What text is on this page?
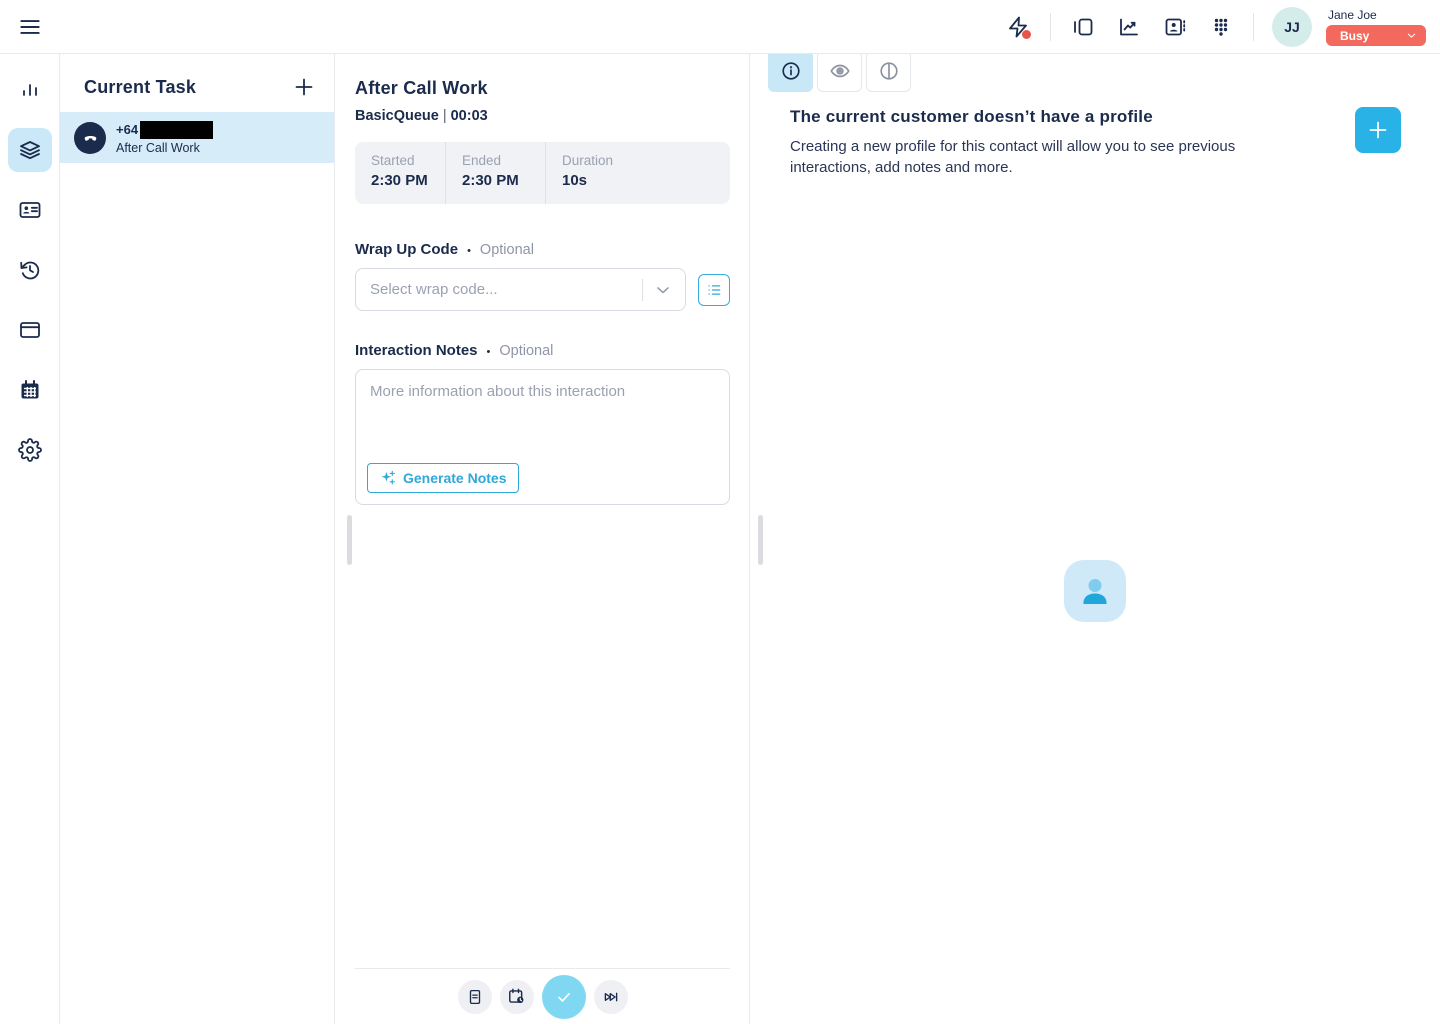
JJ
Jane Joe
Busy
Current Task
+64
After Call Work
After Call Work
BasicQueue | 00:03
Started
2:30 PM
Ended
2:30 PM
Duration
10s
Wrap Up Code • Optional
Select wrap code...
Interaction Notes • Optional
More information about this interaction
Generate Notes
The current customer doesn’t have a profile

Creating a new profile for this contact will allow you to see previous interactions, add notes and more.
